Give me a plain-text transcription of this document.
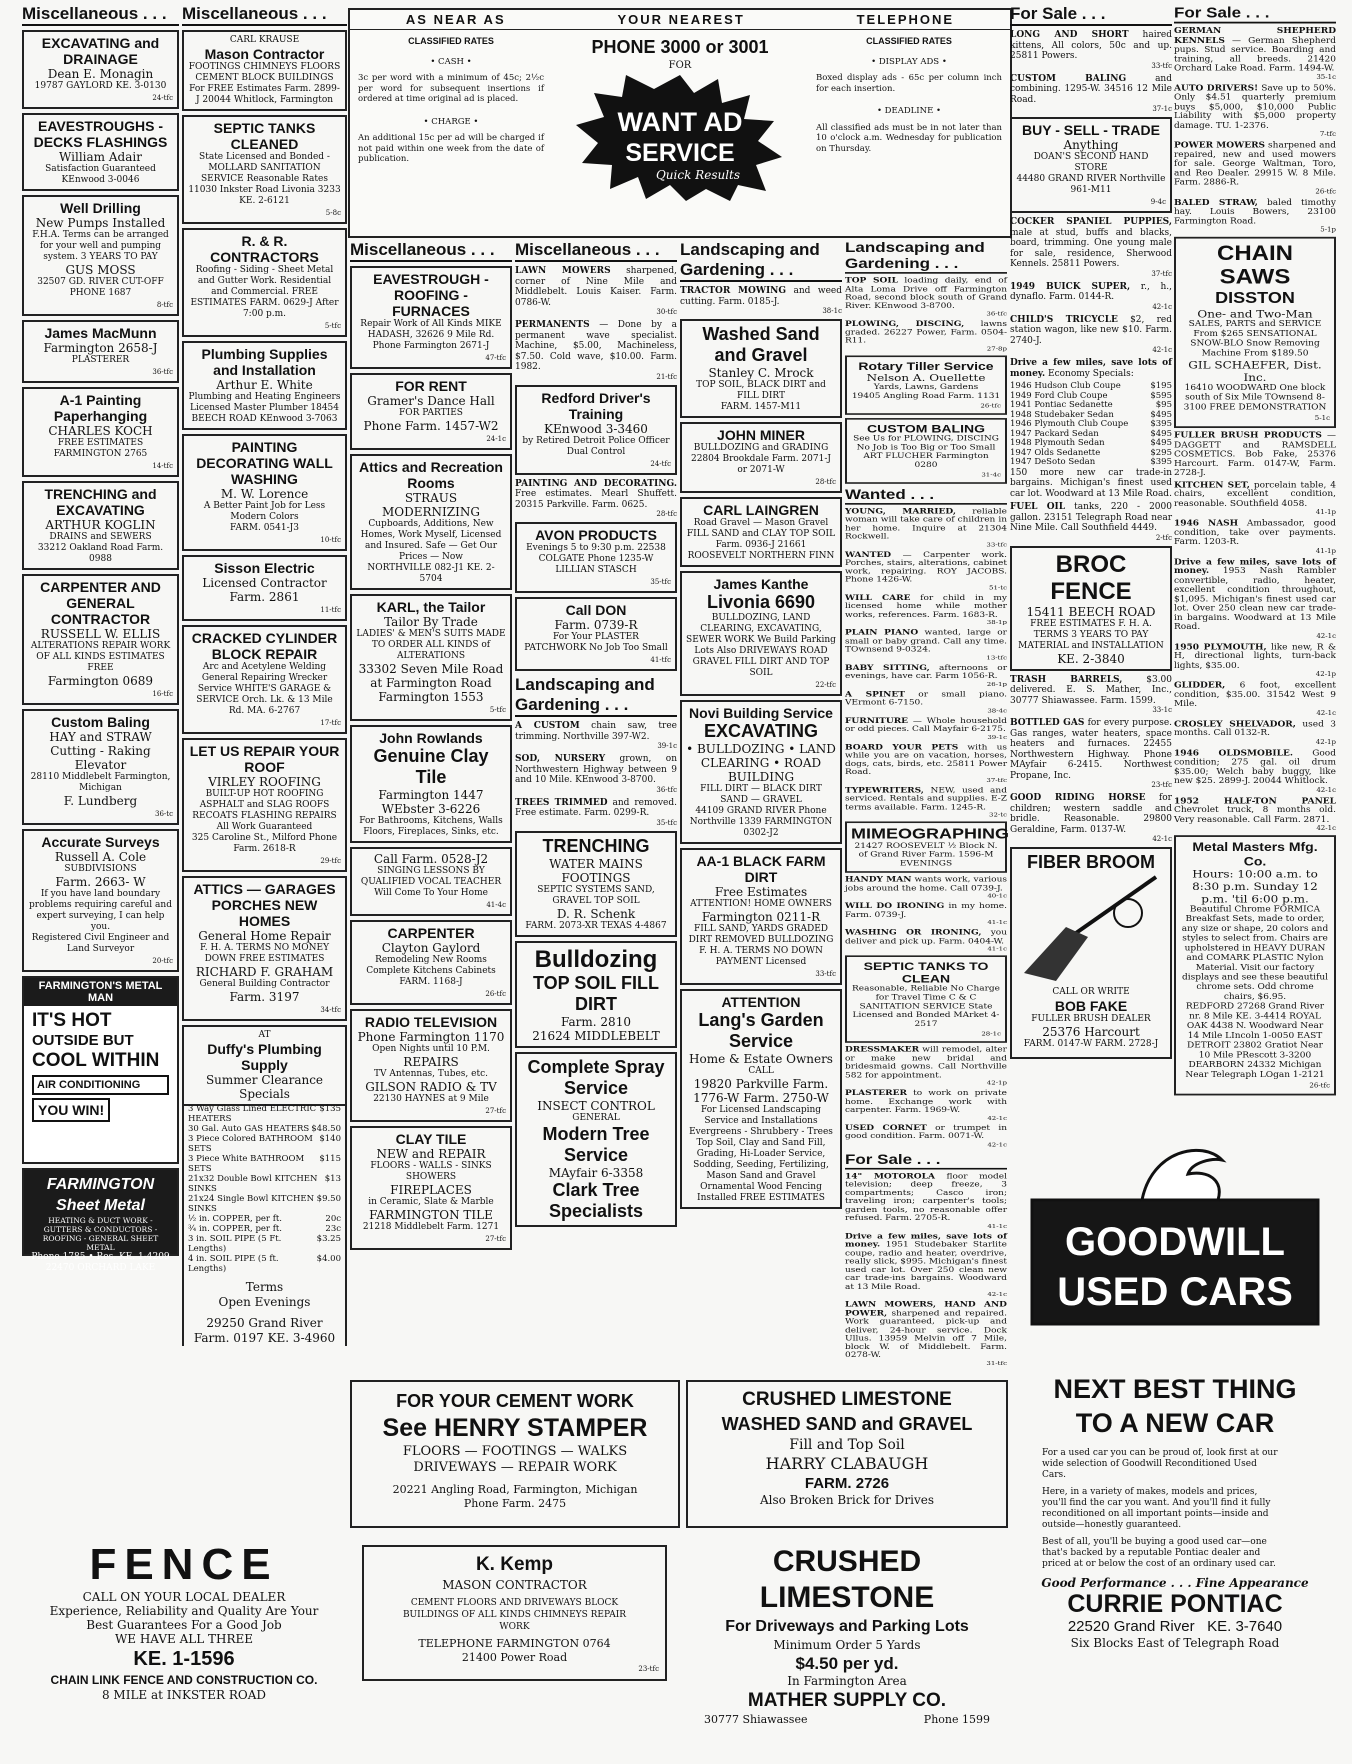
Miscellaneous . . .
EXCAVATING and DRAINAGE
Dean E. Monagin
19787 GAYLORD KE. 3-0130
24-tfc
EAVESTROUGHS - DECKS FLASHINGS
William Adair
Satisfaction Guaranteed
KEnwood 3-0046
Well Drilling
New Pumps Installed
F.H.A. Terms can be arranged for your well and pumping system. 3 YEARS TO PAY
GUS MOSS
32507 GD. RIVER CUT-OFF PHONE 1687
8-tfc
James MacMunn
Farmington 2658-J
PLASTERER
36-tfc
A-1 Painting Paperhanging
CHARLES KOCH
FREE ESTIMATES
FARMINGTON 2765
14-tfc
TRENCHING and EXCAVATING
ARTHUR KOGLIN
DRAINS and SEWERS
33212 Oakland Road Farm. 0988
CARPENTER AND GENERAL CONTRACTOR
RUSSELL W. ELLIS
ALTERATIONS REPAIR WORK OF ALL KINDS ESTIMATES FREE
Farmington 0689
16-tfc
Custom Baling
HAY and STRAW Cutting - Raking Elevator
28110 Middlebelt Farmington, Michigan
F. Lundberg
36-tc
Accurate Surveys
Russell A. Cole
SUBDIVISIONS
Farm. 2663- W
If you have land boundary problems requiring careful and expert surveying, I can help you.
Registered Civil Engineer and Land Surveyor
20-tfc
FARMINGTON'S METAL MAN
IT'S HOT
OUTSIDE BUT
COOL WITHIN
AIR CONDITIONING
YOU WIN!
FARMINGTON Sheet Metal
HEATING & DUCT WORK - GUTTERS & CONDUCTORS - ROOFING - GENERAL SHEET METAL
Phone 1785 • Res. KE. 1-4209
22470 ORCHARD LAKE
Miscellaneous . . .
CARL KRAUSE
Mason Contractor
FOOTINGS CHIMNEYS FLOORS CEMENT BLOCK BUILDINGS For FREE Estimates Farm. 2899-J 20044 Whitlock, Farmington
SEPTIC TANKS CLEANED
State Licensed and Bonded - MOLLARD SANITATION SERVICE Reasonable Rates 11030 Inkster Road Livonia 3233 KE. 2-6121
5-8c
R. & R. CONTRACTORS
Roofing - Siding - Sheet Metal and Gutter Work. Residential and Commercial. FREE ESTIMATES FARM. 0629-J After 7:00 p.m.
5-tfc
Plumbing Supplies and Installation
Arthur E. White
Plumbing and Heating Engineers
Licensed Master Plumber 18454 BEECH ROAD KEnwood 3-7063
PAINTING DECORATING WALL WASHING
M. W. Lorence
A Better Paint Job for Less Modern Colors
FARM. 0541-J3
10-tfc
Sisson Electric
Licensed Contractor
Farm. 2861
11-tfc
CRACKED CYLINDER BLOCK REPAIR
Arc and Acetylene Welding General Repairing Wrecker Service WHITE'S GARAGE & SERVICE Orch. Lk. & 13 Mile Rd. MA. 6-2767
17-tfc
LET US REPAIR YOUR ROOF
VIRLEY ROOFING
BUILT-UP HOT ROOFING ASPHALT and SLAG ROOFS RECOATS FLASHING REPAIRS All Work Guaranteed
325 Caroline St., Milford Phone Farm. 2618-R
29-tfc
ATTICS — GARAGES PORCHES NEW HOMES
General Home Repair
F. H. A. TERMS NO MONEY DOWN FREE ESTIMATES
RICHARD F. GRAHAM
General Building Contractor
Farm. 3197
34-tfc
AT
Duffy's Plumbing Supply
Summer Clearance Specials
3 Way Glass Lined ELECTRIC HEATERS
$135
30 Gal. Auto GAS HEATERS $48.50
3 Piece Colored BATHROOM SETS
$140
3 Piece White BATHROOM SETS
$115
21x32 Double Bowl KITCHEN SINKS
$13
21x24 Single Bowl KITCHEN SINKS
$9.50
½ in. COPPER, per ft.	20c
¾ in. COPPER, per ft.	23c
3 in. SOIL PIPE (5 Ft. Lengths)
$3.25
4 in. SOIL PIPE (5 ft. Lengths)
$4.00
Terms
Open Evenings
29250 Grand River
Farm. 0197 KE. 3-4960
AS NEAR AS	YOUR NEAREST	TELEPHONE
CLASSIFIED RATES
• CASH •
3c per word with a minimum of 45c; 2½c per word for subsequent insertions if ordered at time original ad is placed.
• CHARGE •
An additional 15c per ad will be charged if not paid within one week from the date of publication.
PHONE 3000 or 3001
FOR
WANT AD
SERVICE
Quick Results
CLASSIFIED RATES
• DISPLAY ADS •
Boxed display ads - 65c per column inch for each insertion.
• DEADLINE •
All classified ads must be in not later than 10 o'clock a.m. Wednesday for publication on Thursday.
Miscellaneous . . .
EAVESTROUGH - ROOFING - FURNACES
Repair Work of All Kinds MIKE HADASH, 32626 9 Mile Rd. Phone Farmington 2671-J
47-tfc
FOR RENT
Gramer's Dance Hall
FOR PARTIES
Phone Farm. 1457-W2
24-1c
Attics and Recreation Rooms
STRAUS MODERNIZING
Cupboards, Additions, New Homes, Work Myself, Licensed and Insured. Safe — Get Our Prices — Now
NORTHVILLE 082-J1 KE. 2-5704
KARL, the Tailor
Tailor By Trade
LADIES' & MEN'S SUITS MADE TO ORDER ALL KINDS of ALTERATIONS
33302 Seven Mile Road at Farmington Road Farmington 1553
5-tfc
John Rowlands
Genuine Clay Tile
Farmington 1447 WEbster 3-6226
For Bathrooms, Kitchens, Walls Floors, Fireplaces, Sinks, etc.
Call Farm. 0528-J2
SINGING LESSONS BY QUALIFIED VOCAL TEACHER Will Come To Your Home
41-4c
CARPENTER
Clayton Gaylord
Remodeling New Rooms Complete Kitchens Cabinets
FARM. 1168-J
26-tfc
RADIO TELEVISION
Phone Farmington 1170
Open Nights until 10 P.M.
REPAIRS
TV Antennas, Tubes, etc.
GILSON RADIO & TV
22130 HAYNES at 9 Mile
27-tfc
CLAY TILE
NEW and REPAIR
FLOORS - WALLS - SINKS SHOWERS
FIREPLACES
in Ceramic, Slate & Marble
FARMINGTON TILE
21218 Middlebelt Farm. 1271
27-tfc
Miscellaneous . . .

LAWN MOWERS sharpened, corner of Nine Mile and Middlebelt. Louis Kaiser. Farm. 0786-W.
30-tfc

PERMANENTS — Done by a permanent wave specialist. Machine, $5.00, Machineless, $7.50. Cold wave, $10.00. Farm. 1982.
21-tfc

Redford Driver's Training
KEnwood 3-3460
by Retired Detroit Police Officer Dual Control
24-tfc

PAINTING AND DECORATING. Free estimates. Mearl Shuffett. 20315 Parkville. Farm. 0625.
28-tfc

AVON PRODUCTS
Evenings 5 to 9:30 p.m. 22538 COLGATE Phone 1235-W LILLIAN STASCH
35-tfc
Call DON
Farm. 0739-R
For Your PLASTER PATCHWORK No Job Too Small
41-tfc
Landscaping and Gardening . . .

A CUSTOM chain saw, tree trimming. Northville 397-W2.
39-1c

SOD, NURSERY grown, on Northwestern Highway between 9 and 10 Mile. KEnwood 3-8700.
36-tfc

TREES TRIMMED and removed. Free estimate. Farm. 0299-R.
35-tfc

TRENCHING
WATER MAINS FOOTINGS
SEPTIC SYSTEMS SAND, GRAVEL TOP SOIL
D. R. Schenk
FARM. 2073-XR TEXAS 4-4867
Bulldozing
TOP SOIL FILL DIRT
Farm. 2810
21624 MIDDLEBELT
Complete Spray Service
INSECT CONTROL
GENERAL
Modern Tree Service
MAyfair 6-3358
Clark Tree Specialists
Landscaping and Gardening . . .

TRACTOR MOWING and weed cutting. Farm. 0185-J.
38-1c

Washed Sand and Gravel
Stanley C. Mrock
TOP SOIL, BLACK DIRT and FILL DIRT
FARM. 1457-M11
JOHN MINER
BULLDOZING and GRADING 22804 Brookdale Farm. 2071-J or 2071-W
28-tfc
CARL LAINGREN
Road Gravel — Mason Gravel FILL SAND and CLAY TOP SOIL
Farm. 0936-J 21661 ROOSEVELT NORTHERN FINN
James Kanthe
Livonia 6690
BULLDOZING, LAND CLEARING, EXCAVATING, SEWER WORK We Build Parking Lots Also DRIVEWAYS ROAD GRAVEL FILL DIRT AND TOP SOIL
22-tfc
Novi Building Service
EXCAVATING
• BULLDOZING • LAND CLEARING • ROAD BUILDING
FILL DIRT — BLACK DIRT SAND — GRAVEL
44109 GRAND RIVER Phone Northville 1339 FARMINGTON 0302-J2
AA-1 BLACK FARM DIRT
Free Estimates
ATTENTION! HOME OWNERS
Farmington 0211-R
FILL SAND, YARDS GRADED DIRT REMOVED BULLDOZING
F. H. A. TERMS NO DOWN PAYMENT Licensed
33-tfc
ATTENTION
Lang's Garden Service
Home & Estate Owners
CALL
19820 Parkville Farm. 1776-W Farm. 2750-W
For Licensed Landscaping Service and Installations Evergreens - Shrubbery - Trees Top Soil, Clay and Sand Fill, Grading, Hi-Loader Service, Sodding, Seeding, Fertilizing, Mason Sand and Gravel Ornamental Wood Fencing Installed FREE ESTIMATES
Landscaping and Gardening . . .

TOP SOIL loading daily, end of Alta Loma Drive off Farmington Road, second block south of Grand River. KEnwood 3-8700.
36-tfc

PLOWING, DISCING, lawns graded. 26227 Power, Farm. 0504-R11.
27-8p

Rotary Tiller Service
Nelson A. Ouellette
Yards, Lawns, Gardens
19405 Angling Road Farm. 1131
26-tfc
CUSTOM BALING
See Us for PLOWING, DISCING
No Job is Too Big or Too Small ART FLUCHER Farmington 0280
31-4c
Wanted . . .

YOUNG, MARRIED, reliable woman will take care of children in her home. Inquire at 21304 Rockwell.
33-tfc

WANTED — Carpenter work. Porches, stairs, alterations, cabinet work, repairing. ROY JACOBS. Phone 1426-W.
51-tc

WILL CARE for child in my licensed home while mother works, references. Farm. 1683-R.
38-1p

PLAIN PIANO wanted, large or small or baby grand. Call any time. TOwnsend 9-0324.
13-tfc

BABY SITTING, afternoons or evenings, have car. Farm 1056-R.
26-1p

A SPINET or small piano. VErmont 6-7150.
38-4c

FURNITURE — Whole household or odd pieces. Call Mayfair 6-2175.
39-1c

BOARD YOUR PETS with us while you are on vacation, horses, dogs, cats, birds, etc. 25811 Power Road.
37-tfc

TYPEWRITERS, NEW, used and serviced. Rentals and supplies. E-Z terms available. Farm. 1245-R.
32-tc

MIMEOGRAPHING
21427 ROOSEVELT ½ Block N. of Grand River Farm. 1596-M EVENINGS

HANDY MAN wants work, various jobs around the home. Call 0739-J.
40-1c

WILL DO IRONING in my home. Farm. 0739-J.
41-1c

WASHING OR IRONING, you deliver and pick up. Farm. 0404-W.
41-1c

SEPTIC TANKS TO CLEAN
Reasonable, Reliable No Charge for Travel Time C & C SANITATION SERVICE State Licensed and Bonded MArket 4-2517
28-1c

DRESSMAKER will remodel, alter or make new bridal and bridesmaid gowns. Call Northville 582 for appointment.
42-1p

PLASTERER to work on private home. Exchange work with carpenter. Farm. 1969-W.
42-1c

USED CORNET or trumpet in good condition. Farm. 0071-W.
42-1c

For Sale . . .

14" MOTOROLA floor model television; deep freeze, 3 compartments; Casco iron; traveling iron; carpenter's tools; garden tools, no reasonable offer refused. Farm. 2705-R.
41-1c

Drive a few miles, save lots of money. 1951 Studebaker Starlite coupe, radio and heater, overdrive, really slick, $995. Michigan's finest used car lot. Over 250 clean new car trade-ins bargains. Woodward at 13 Mile Road.
42-1c

LAWN MOWERS, HAND AND POWER, sharpened and repaired. Work guaranteed, pick-up and deliver, 24-hour service. Dock Ullus. 13959 Melvin off 7 Mile, block W. of Middlebelt. Farm. 0278-W.
31-tfc

For Sale . . .

LONG AND SHORT haired kittens, All colors, 50c and up. 25811 Powers.
33-tfc

CUSTOM BALING	and combining. 1295-W. 34516 12 Mile Road.
37-1c

BUY - SELL - TRADE
Anything
DOAN'S SECOND HAND STORE
44480 GRAND RIVER Northville 961-M11
9-4c

COCKER SPANIEL PUPPIES, male at stud, buffs and blacks, board, trimming. One young male for sale, residence, Sherwood Kennels. 25811 Powers.
37-tfc

1949 BUICK SUPER, r., h., dynaflo. Farm. 0144-R.
42-1c

CHILD'S TRICYCLE $2, red station wagon, like new $10. Farm. 2740-J.
42-1c

Drive a few miles, save lots of money. Economy Specials:

1946 Hudson Club Coupe	$195
1949 Ford Club Coupe	$595
1941 Pontiac Sedanette	$95
1948 Studebaker Sedan	$495
1946 Plymouth Club Coupe	$395
1947 Packard Sedan	$495
1948 Plymouth Sedan	$495
1947 Olds Sedanette	$295
1947 DeSoto Sedan	$395

150 more new car trade-in bargains. Michigan's finest used car lot. Woodward at 13 Mile Road.

FUEL OIL tanks, 220 - 2000 gallon. 23151 Telegraph Road near Nine Mile. Call Southfield 4449.
2-tfc

BROC FENCE
15411 BEECH ROAD
FREE ESTIMATES F. H. A. TERMS 3 YEARS TO PAY MATERIAL and INSTALLATION
KE. 2-3840

TRASH BARRELS,	$3.00 delivered. E. S. Mather, Inc., 30777 Shiawassee. Farm. 1599.
33-1c

BOTTLED GAS for every purpose. Gas ranges, water heaters, space heaters and furnaces. 22455 Northwestern Highway. Phone MAyfair 6-2415. Northwest Propane, Inc.
23-tfc

GOOD RIDING HORSE for children; western saddle and bridle. Reasonable. 29800 Geraldine, Farm. 0137-W.
42-1c

FIBER BROOM
CALL OR WRITE
BOB FAKE
FULLER BRUSH DEALER
25376 Harcourt
FARM. 0147-W FARM. 2728-J
For Sale . . .

GERMAN SHEPHERD KENNELS — German Shepherd pups. Stud service. Boarding and training, all breeds. 21420 Orchard Lake Road. Farm. 1494-W.
35-1c

AUTO DRIVERS! Save up to 50%. Only $4.51 quarterly premium buys $5,000, $10,000 Public Liability with $5,000 property damage. TU. 1-2376.
7-tfc

POWER MOWERS sharpened and repaired, new and used mowers for sale. George Waltman, Toro, and Reo Dealer. 29915 W. 8 Mile. Farm. 2886-R.
26-tfc

BALED STRAW, baled timothy hay. Louis Bowers, 23100 Farmington Road.
5-1p

CHAIN SAWS
DISSTON
One- and Two-Man
SALES, PARTS and SERVICE From $265 SENSATIONAL SNOW-BLO Snow Removing Machine From $189.50
GIL SCHAEFER, Dist. Inc.
16410 WOODWARD One block south of Six Mile TOwnsend 8-3100 FREE DEMONSTRATION
5-1c

FULLER BRUSH PRODUCTS — DAGGETT and RAMSDELL COSMETICS. Bob Fake, 25376 Harcourt. Farm. 0147-W, Farm. 2728-J.

KITCHEN SET, porcelain table, 4 chairs, excellent condition, reasonable. SOuthfield 4058.
41-1p

1946 NASH Ambassador, good condition, take over payments. Farm. 1203-R.
41-1p

Drive a few miles, save lots of money. 1953 Nash Rambler convertible, radio, heater, excellent condition throughout, $1,095. Michigan's finest used car lot. Over 250 clean new car trade-in bargains. Woodward at 13 Mile Road.
42-1c

1950 PLYMOUTH, like new, R & H, directional lights, turn-back lights, $35.00.
42-1p

GLIDDER, 6 foot, excellent condition, $35.00. 31542 West 9 Mile.
42-1c

CROSLEY SHELVADOR, used 3 months. Call 0132-R.
42-1p

1946 OLDSMOBILE. Good condition; 275 gal. oil drum $35.00; Welch baby buggy, like new $25. 2899-J. 20044 Whitlock.
42-1c

1952 HALF-TON PANEL Chevrolet truck, 8 months old. Very reasonable. Call Farm. 2871.
42-1c

Metal Masters Mfg. Co.
Hours: 10:00 a.m. to 8:30 p.m. Sunday 12 p.m. 'til 6:00 p.m.
Beautiful Chrome FORMICA Breakfast Sets, made to order, any size or shape, 20 colors and styles to select from. Chairs are upholstered in HEAVY DURAN and COMARK PLASTIC Nylon Material. Visit our factory displays and see these beautiful chrome sets. Odd chrome chairs, $6.95.
REDFORD 27268 Grand River nr. 8 Mile KE. 3-4414 ROYAL OAK 4438 N. Woodward Near 14 Mile LIncoln 1-0050 EAST DETROIT 23802 Gratiot Near 10 Mile PRescott 3-3200 DEARBORN 24332 Michigan Near Telegraph LOgan 1-2121
26-tfc
GOODWILL
USED CARS
NEXT BEST THING
TO A NEW CAR

For a used car you can be proud of, look first at our wide selection of Goodwill Reconditioned Used Cars.

Here, in a variety of makes, models and prices, you'll find the car you want. And you'll find it fully reconditioned on all important points—inside and outside—honestly guaranteed.

Best of all, you'll be buying a good used car—one that's backed by a reputable Pontiac dealer and priced at or below the cost of an ordinary used car.

Good Performance . . . Fine Appearance
CURRIE PONTIAC
22520 Grand River KE. 3-7640
Six Blocks East of Telegraph Road
FENCE
CALL ON YOUR LOCAL DEALER
Experience, Reliability and Quality Are Your Best Guarantees For a Good Job
WE HAVE ALL THREE
KE. 1-1596
CHAIN LINK FENCE AND CONSTRUCTION CO.
8 MILE at INKSTER ROAD
FOR YOUR CEMENT WORK
See HENRY STAMPER
FLOORS — FOOTINGS — WALKS
DRIVEWAYS — REPAIR WORK
20221 Angling Road, Farmington, Michigan
Phone Farm. 2475
K. Kemp
MASON CONTRACTOR
CEMENT FLOORS AND DRIVEWAYS BLOCK BUILDINGS OF ALL KINDS CHIMNEYS REPAIR WORK
TELEPHONE FARMINGTON 0764
21400 Power Road
23-tfc
CRUSHED LIMESTONE
WASHED SAND and GRAVEL
Fill and Top Soil
HARRY CLABAUGH
FARM. 2726
Also Broken Brick for Drives
CRUSHED LIMESTONE
For Driveways and Parking Lots
Minimum Order 5 Yards
$4.50 per yd.
In Farmington Area
MATHER SUPPLY CO.
30777 Shiawassee	Phone 1599
